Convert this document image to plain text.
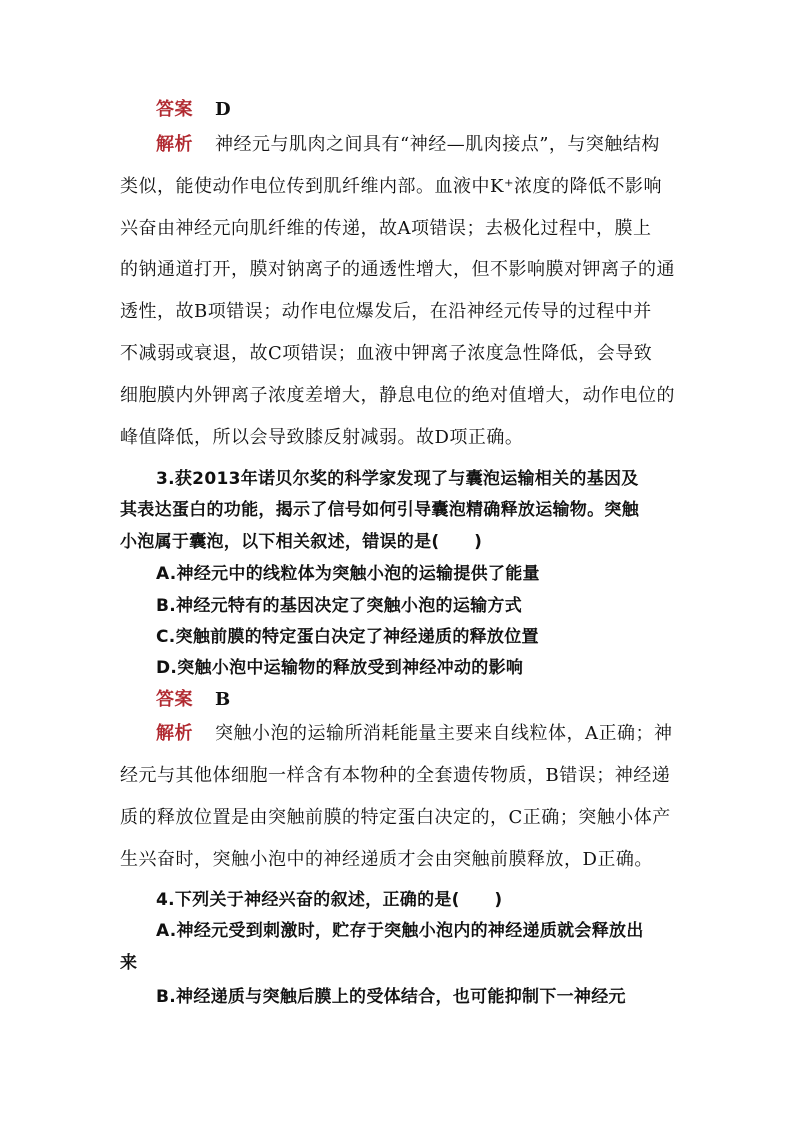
答案 D
解析 神经元与肌肉之间具有“神经—肌肉接点”，与突触结构
类似，能使动作电位传到肌纤维内部。血液中K⁺浓度的降低不影响
兴奋由神经元向肌纤维的传递，故A项错误；去极化过程中，膜上
的钠通道打开，膜对钠离子的通透性增大，但不影响膜对钾离子的通
透性，故B项错误；动作电位爆发后，在沿神经元传导的过程中并
不减弱或衰退，故C项错误；血液中钾离子浓度急性降低，会导致
细胞膜内外钾离子浓度差增大，静息电位的绝对值增大，动作电位的
峰值降低，所以会导致膝反射减弱。故D项正确。
3.获2013年诺贝尔奖的科学家发现了与囊泡运输相关的基因及
其表达蛋白的功能，揭示了信号如何引导囊泡精确释放运输物。突触
小泡属于囊泡，以下相关叙述，错误的是(　　)
A.神经元中的线粒体为突触小泡的运输提供了能量
B.神经元特有的基因决定了突触小泡的运输方式
C.突触前膜的特定蛋白决定了神经递质的释放位置
D.突触小泡中运输物的释放受到神经冲动的影响
答案 B
解析 突触小泡的运输所消耗能量主要来自线粒体，A正确；神
经元与其他体细胞一样含有本物种的全套遗传物质，B错误；神经递
质的释放位置是由突触前膜的特定蛋白决定的，C正确；突触小体产
生兴奋时，突触小泡中的神经递质才会由突触前膜释放，D正确。
4.下列关于神经兴奋的叙述，正确的是(　　)
A.神经元受到刺激时，贮存于突触小泡内的神经递质就会释放出
来
B.神经递质与突触后膜上的受体结合，也可能抑制下一神经元
